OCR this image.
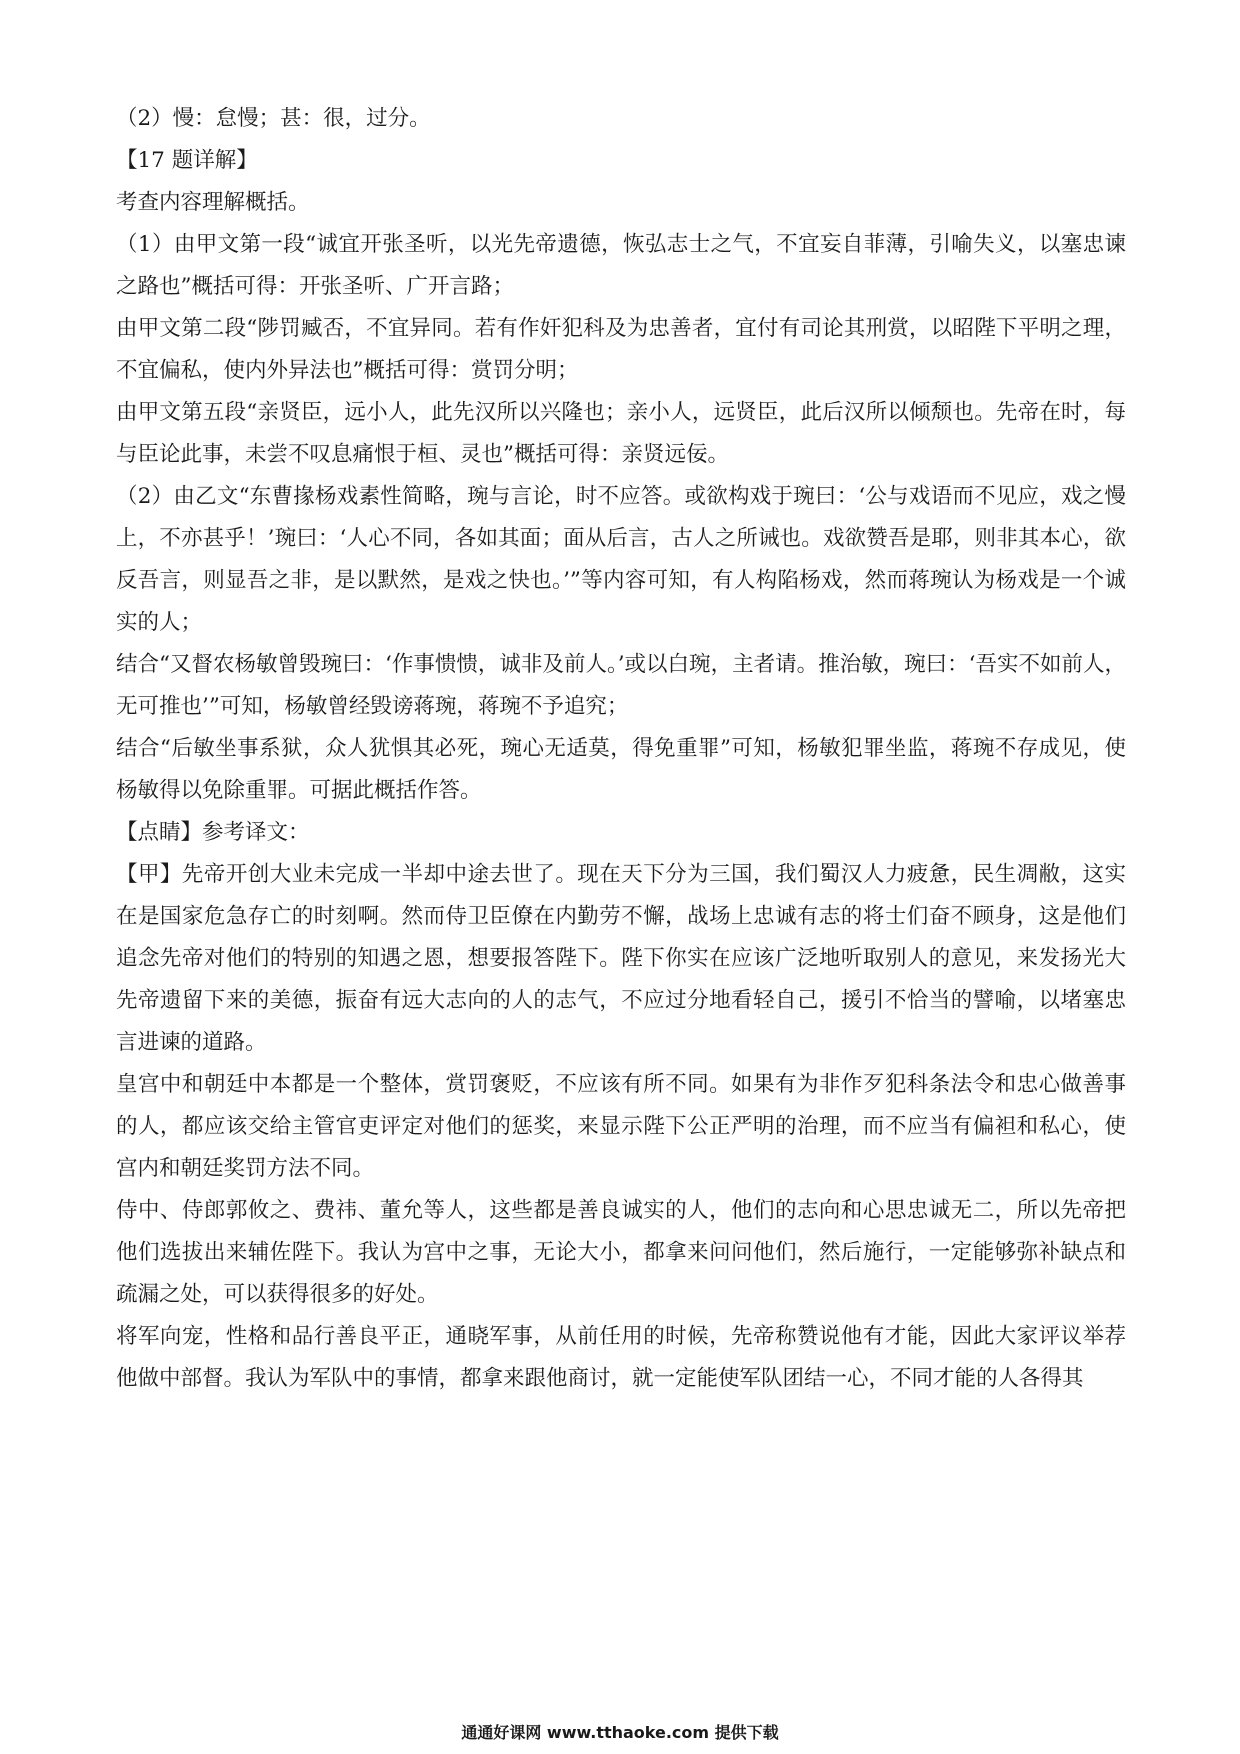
（2）慢：怠慢；甚：很，过分。

【17 题详解】

考查内容理解概括。

（1）由甲文第一段“诚宜开张圣听，以光先帝遗德，恢弘志士之气，不宜妄自菲薄，引喻失义，以塞忠谏之路也”概括可得：开张圣听、广开言路；

由甲文第二段“陟罚臧否，不宜异同。若有作奸犯科及为忠善者，宜付有司论其刑赏，以昭陛下平明之理，不宜偏私，使内外异法也”概括可得：赏罚分明；

由甲文第五段“亲贤臣，远小人，此先汉所以兴隆也；亲小人，远贤臣，此后汉所以倾颓也。先帝在时，每与臣论此事，未尝不叹息痛恨于桓、灵也”概括可得：亲贤远佞。

（2）由乙文“东曹掾杨戏素性简略，琬与言论，时不应答。或欲构戏于琬曰：‘公与戏语而不见应，戏之慢上，不亦甚乎！’琬曰：‘人心不同，各如其面；面从后言，古人之所诫也。戏欲赞吾是耶，则非其本心，欲反吾言，则显吾之非，是以默然，是戏之快也。’”等内容可知，有人构陷杨戏，然而蒋琬认为杨戏是一个诚实的人；

结合“又督农杨敏曾毁琬曰：‘作事愦愦，诚非及前人。’或以白琬，主者请。推治敏，琬曰：‘吾实不如前人，无可推也’”可知，杨敏曾经毁谤蒋琬，蒋琬不予追究；

结合“后敏坐事系狱，众人犹惧其必死，琬心无适莫，得免重罪”可知，杨敏犯罪坐监，蒋琬不存成见，使杨敏得以免除重罪。可据此概括作答。

【点睛】参考译文：

【甲】先帝开创大业未完成一半却中途去世了。现在天下分为三国，我们蜀汉人力疲惫，民生凋敝，这实在是国家危急存亡的时刻啊。然而侍卫臣僚在内勤劳不懈，战场上忠诚有志的将士们奋不顾身，这是他们追念先帝对他们的特别的知遇之恩，想要报答陛下。陛下你实在应该广泛地听取别人的意见，来发扬光大先帝遗留下来的美德，振奋有远大志向的人的志气，不应过分地看轻自己，援引不恰当的譬喻，以堵塞忠言进谏的道路。

皇宫中和朝廷中本都是一个整体，赏罚褒贬，不应该有所不同。如果有为非作歹犯科条法令和忠心做善事的人，都应该交给主管官吏评定对他们的惩奖，来显示陛下公正严明的治理，而不应当有偏袒和私心，使宫内和朝廷奖罚方法不同。

侍中、侍郎郭攸之、费祎、董允等人，这些都是善良诚实的人，他们的志向和心思忠诚无二，所以先帝把他们选拔出来辅佐陛下。我认为宫中之事，无论大小，都拿来问问他们，然后施行，一定能够弥补缺点和疏漏之处，可以获得很多的好处。

将军向宠，性格和品行善良平正，通晓军事，从前任用的时候，先帝称赞说他有才能，因此大家评议举荐他做中部督。我认为军队中的事情，都拿来跟他商讨，就一定能使军队团结一心，不同才能的人各得其

通通好课网 www.tthaoke.com 提供下载
